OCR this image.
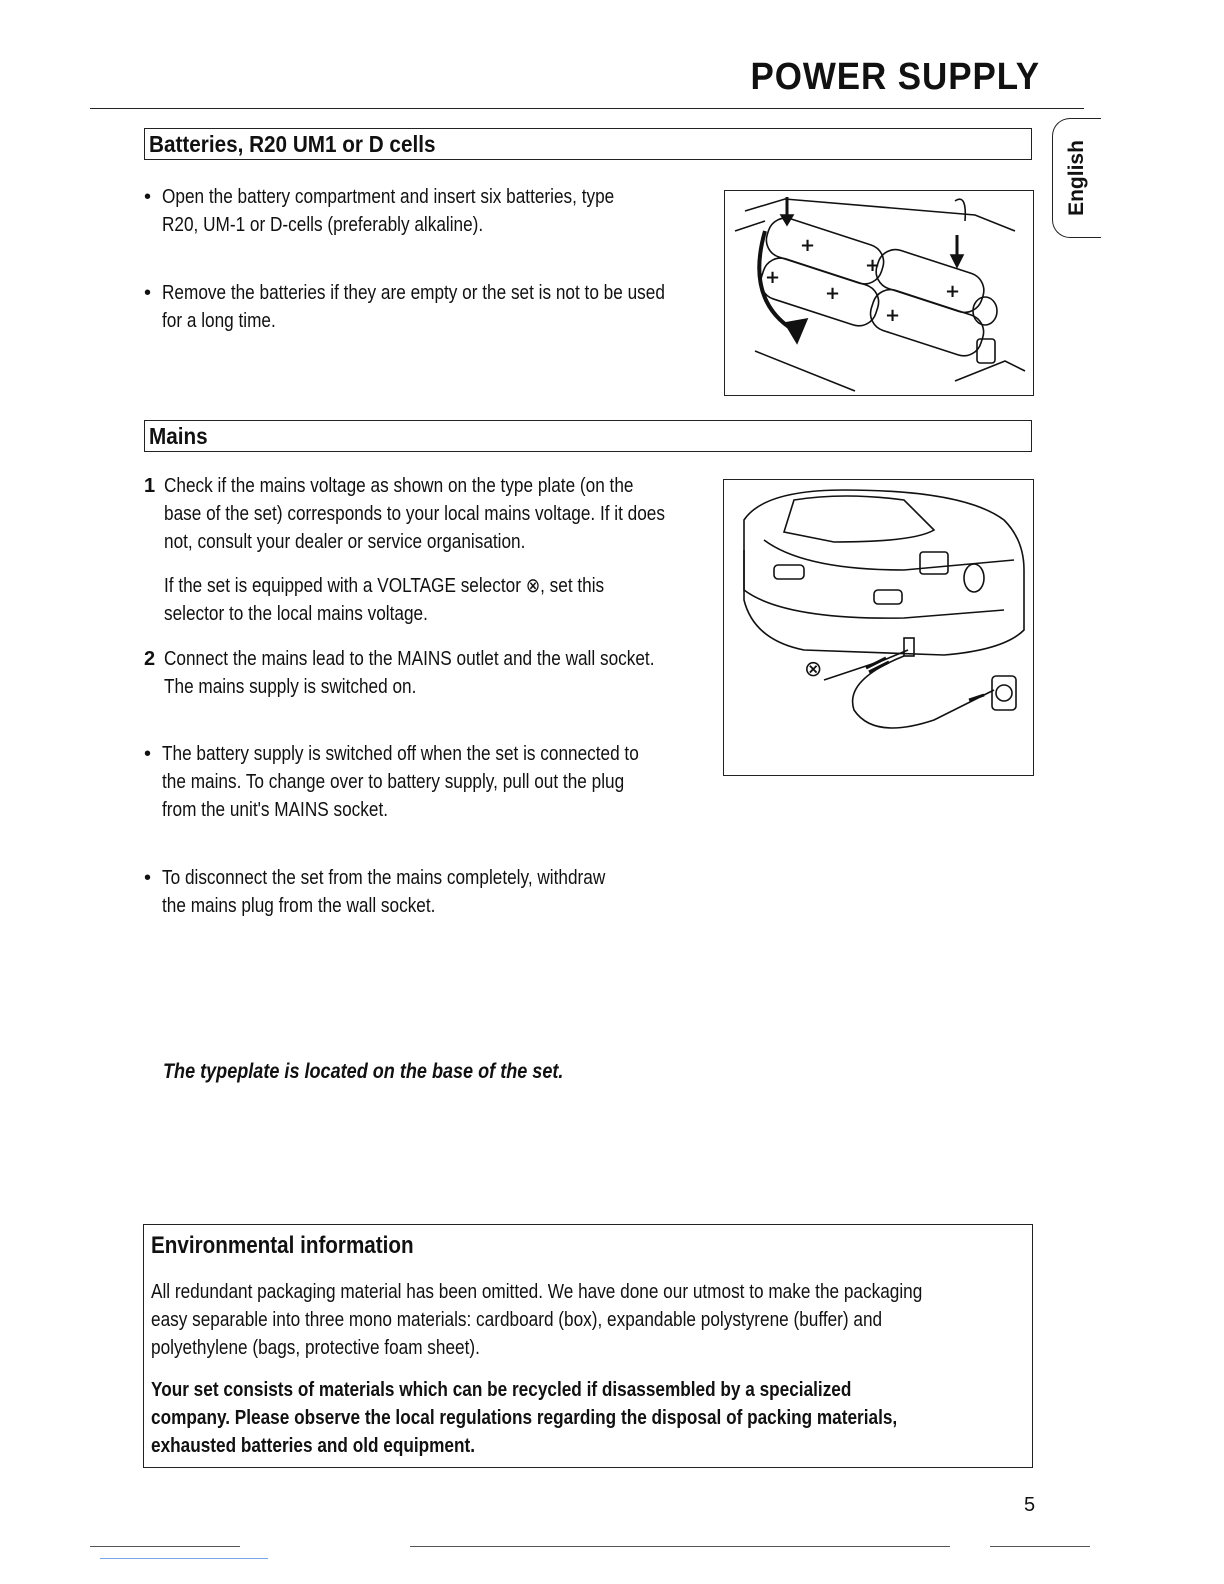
POWER SUPPLY
English
Batteries, R20 UM1 or D cells
• Open the battery compartment and insert six batteries, type
R20, UM-1 or D-cells (preferably alkaline).
• Remove the batteries if they are empty or the set is not to be used
for a long time.
+
+
+
+	+
+
Mains
1 Check if the mains voltage as shown on the type plate (on the
base of the set) corresponds to your local mains voltage. If it does
not, consult your dealer or service organisation.
If the set is equipped with a VOLTAGE selector ⊗, set this
selector to the local mains voltage.
2 Connect the mains lead to the MAINS outlet and the wall socket.
The mains supply is switched on.
• The battery supply is switched off when the set is connected to
the mains. To change over to battery supply, pull out the plug
from the unit's MAINS socket.
• To disconnect the set from the mains completely, withdraw
the mains plug from the wall socket.
⊗
The typeplate is located on the base of the set.
Environmental information
All redundant packaging material has been omitted. We have done our utmost to make the packaging
easy separable into three mono materials: cardboard (box), expandable polystyrene (buffer) and
polyethylene (bags, protective foam sheet).
Your set consists of materials which can be recycled if disassembled by a specialized
company. Please observe the local regulations regarding the disposal of packing materials,
exhausted batteries and old equipment.
5
